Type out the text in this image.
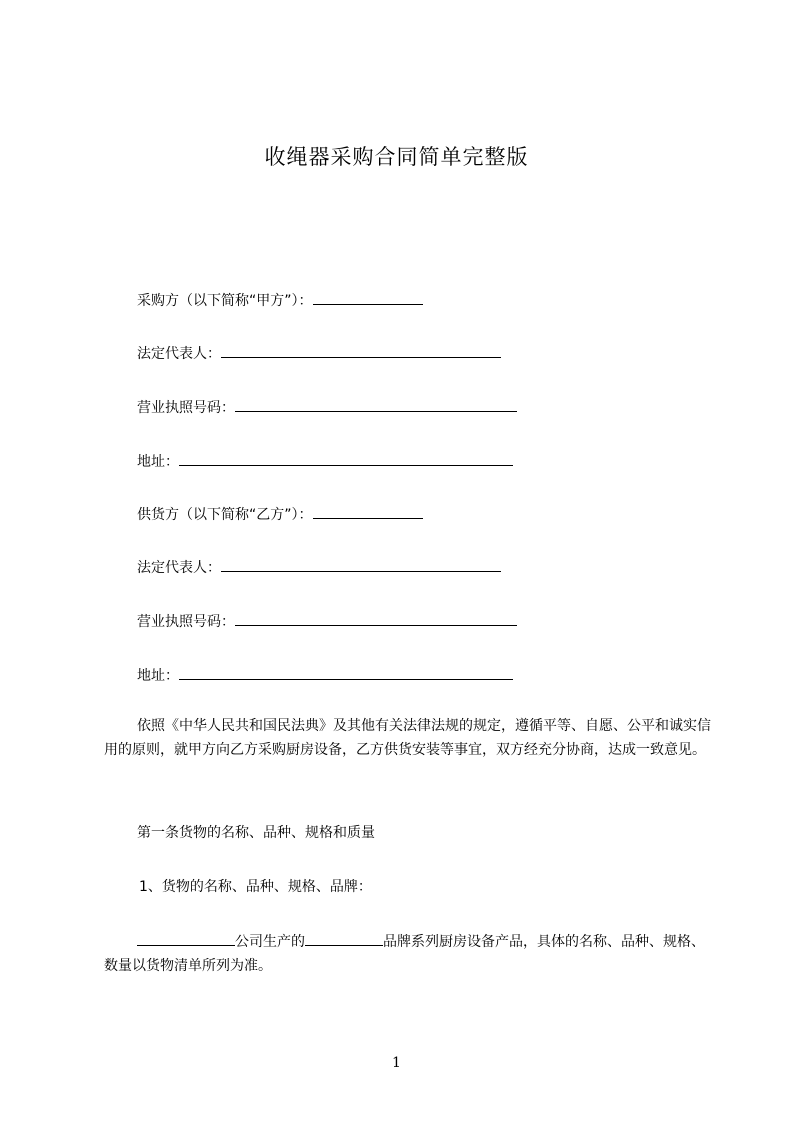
收绳器采购合同简单完整版
采购方（以下简称“甲方”）：
法定代表人：
营业执照号码：
地址：
供货方（以下简称“乙方”）：
法定代表人：
营业执照号码：
地址：
依照《中华人民共和国民法典》及其他有关法律法规的规定，遵循平等、自愿、公平和诚实信用的原则，就甲方向乙方采购厨房设备，乙方供货安装等事宜，双方经充分协商，达成一致意见。
第一条货物的名称、品种、规格和质量
1、货物的名称、品种、规格、品牌：
公司生产的	品牌系列厨房设备产品，具体的名称、品种、规格、数量以货物清单所列为准。
1
